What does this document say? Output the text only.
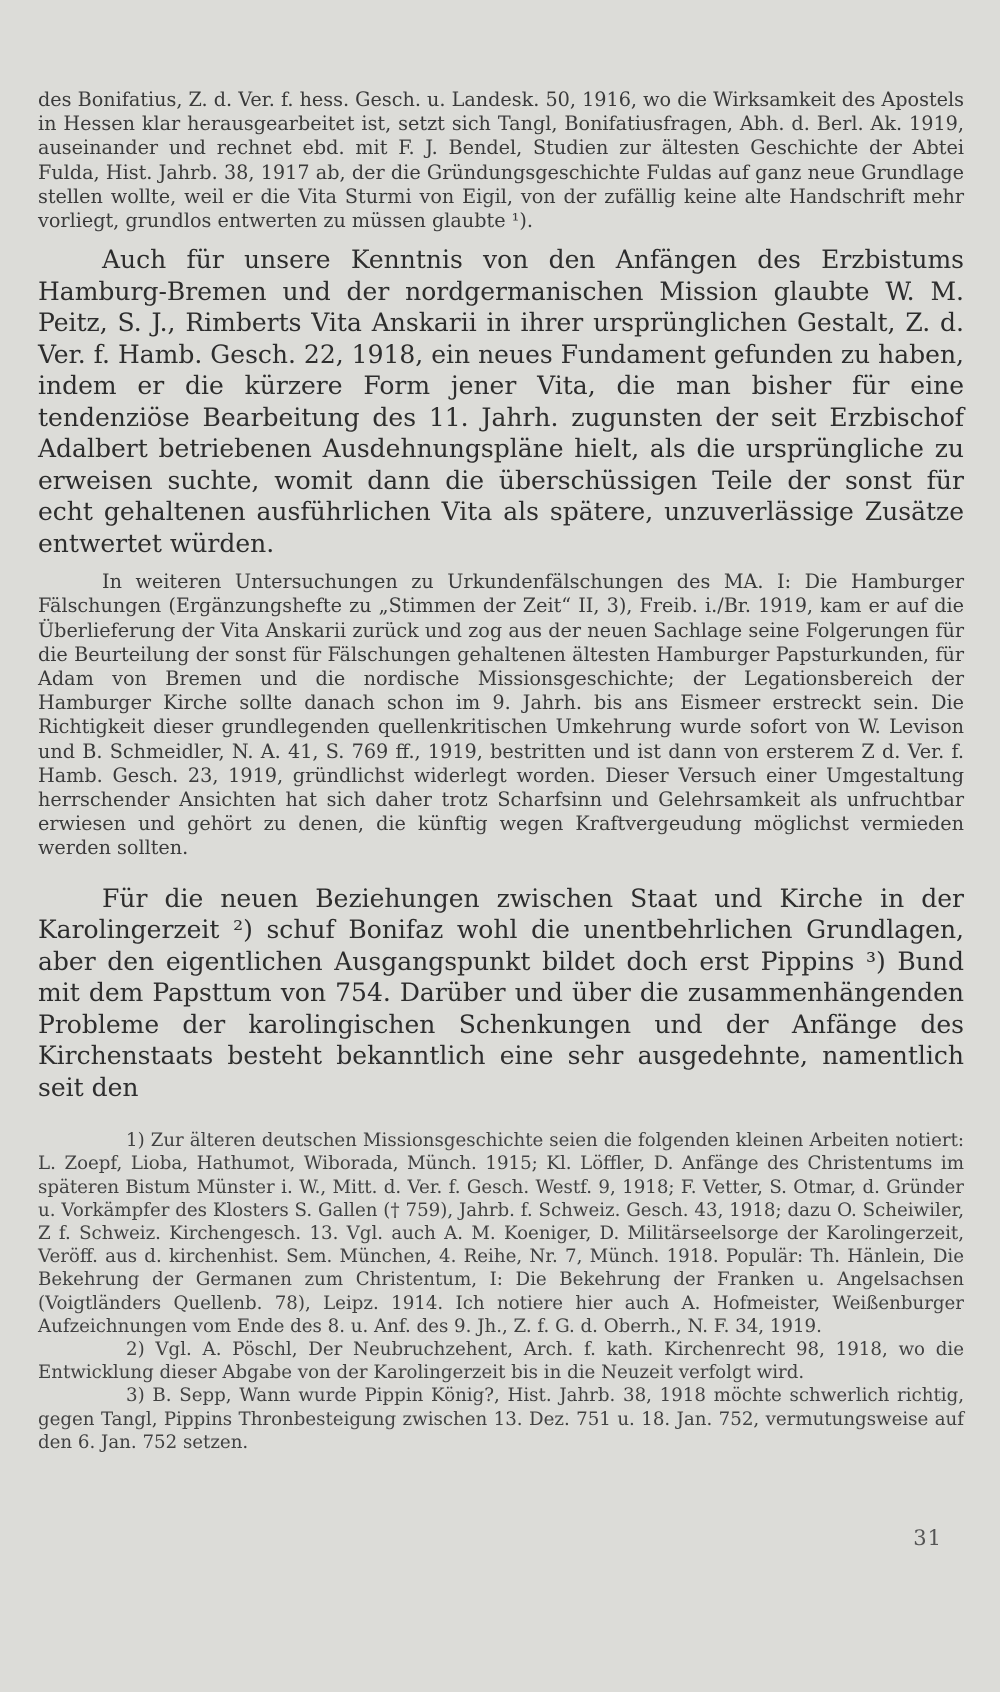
des Bonifatius, Z. d. Ver. f. hess. Gesch. u. Landesk. 50, 1916, wo die Wirksamkeit des Apostels in Hessen klar herausgearbeitet ist, setzt sich Tangl, Bonifatiusfragen, Abh. d. Berl. Ak. 1919, auseinander und rechnet ebd. mit F. J. Bendel, Studien zur ältesten Geschichte der Abtei Fulda, Hist. Jahrb. 38, 1917 ab, der die Gründungsgeschichte Fuldas auf ganz neue Grundlage stellen wollte, weil er die Vita Sturmi von Eigil, von der zufällig keine alte Handschrift mehr vorliegt, grundlos entwerten zu müssen glaubte ¹).

Auch für unsere Kenntnis von den Anfängen des Erzbistums Hamburg-Bremen und der nordgermanischen Mission glaubte W. M. Peitz, S. J., Rimberts Vita Anskarii in ihrer ursprünglichen Gestalt, Z. d. Ver. f. Hamb. Gesch. 22, 1918, ein neues Fundament gefunden zu haben, indem er die kürzere Form jener Vita, die man bisher für eine tendenziöse Bearbeitung des 11. Jahrh. zugunsten der seit Erzbischof Adalbert betriebenen Ausdehnungspläne hielt, als die ursprüngliche zu erweisen suchte, womit dann die überschüssigen Teile der sonst für echt gehaltenen ausführlichen Vita als spätere, unzuverlässige Zusätze entwertet würden.

In weiteren Untersuchungen zu Urkundenfälschungen des MA. I: Die Hamburger Fälschungen (Ergänzungshefte zu „Stimmen der Zeit“ II, 3), Freib. i./Br. 1919, kam er auf die Überlieferung der Vita Anskarii zurück und zog aus der neuen Sachlage seine Folgerungen für die Beurteilung der sonst für Fälschungen gehaltenen ältesten Hamburger Papsturkunden, für Adam von Bremen und die nordische Missionsgeschichte; der Legationsbereich der Hamburger Kirche sollte danach schon im 9. Jahrh. bis ans Eismeer erstreckt sein. Die Richtigkeit dieser grundlegenden quellenkritischen Umkehrung wurde sofort von W. Levison und B. Schmeidler, N. A. 41, S. 769 ff., 1919, bestritten und ist dann von ersterem Z d. Ver. f. Hamb. Gesch. 23, 1919, gründlichst widerlegt worden. Dieser Versuch einer Umgestaltung herrschender Ansichten hat sich daher trotz Scharfsinn und Gelehrsamkeit als unfruchtbar erwiesen und gehört zu denen, die künftig wegen Kraftvergeudung möglichst vermieden werden sollten.

Für die neuen Beziehungen zwischen Staat und Kirche in der Karolingerzeit ²) schuf Bonifaz wohl die unentbehrlichen Grundlagen, aber den eigentlichen Ausgangspunkt bildet doch erst Pippins ³) Bund mit dem Papsttum von 754. Darüber und über die zusammenhängenden Probleme der karolingischen Schenkungen und der Anfänge des Kirchenstaats besteht bekanntlich eine sehr ausgedehnte, namentlich seit den

1) Zur älteren deutschen Missionsgeschichte seien die folgenden kleinen Arbeiten notiert: L. Zoepf, Lioba, Hathumot, Wiborada, Münch. 1915; Kl. Löffler, D. Anfänge des Christentums im späteren Bistum Münster i. W., Mitt. d. Ver. f. Gesch. Westf. 9, 1918; F. Vetter, S. Otmar, d. Gründer u. Vorkämpfer des Klosters S. Gallen († 759), Jahrb. f. Schweiz. Gesch. 43, 1918; dazu O. Scheiwiler, Z f. Schweiz. Kirchengesch. 13. Vgl. auch A. M. Koeniger, D. Militärseelsorge der Karolingerzeit, Veröff. aus d. kirchenhist. Sem. München, 4. Reihe, Nr. 7, Münch. 1918. Populär: Th. Hänlein, Die Bekehrung der Germanen zum Christentum, I: Die Bekehrung der Franken u. Angelsachsen (Voigtländers Quellenb. 78), Leipz. 1914. Ich notiere hier auch A. Hofmeister, Weißenburger Aufzeichnungen vom Ende des 8. u. Anf. des 9. Jh., Z. f. G. d. Oberrh., N. F. 34, 1919.

2) Vgl. A. Pöschl, Der Neubruchzehent, Arch. f. kath. Kirchenrecht 98, 1918, wo die Entwicklung dieser Abgabe von der Karolingerzeit bis in die Neuzeit verfolgt wird.

3) B. Sepp, Wann wurde Pippin König?, Hist. Jahrb. 38, 1918 möchte schwerlich richtig, gegen Tangl, Pippins Thronbesteigung zwischen 13. Dez. 751 u. 18. Jan. 752, vermutungsweise auf den 6. Jan. 752 setzen.

31
